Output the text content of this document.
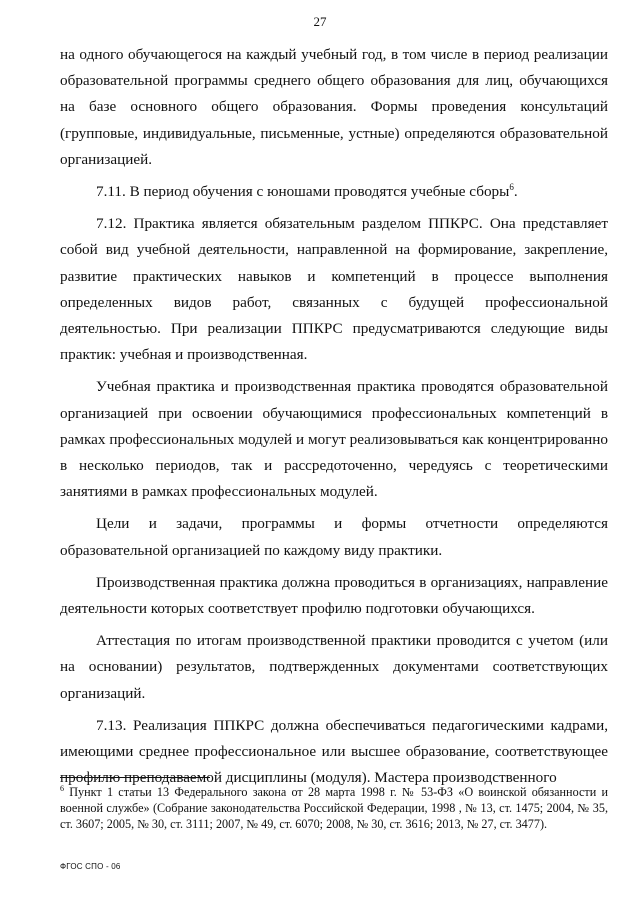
27

на одного обучающегося на каждый учебный год, в том числе в период реализации образовательной программы среднего общего образования для лиц, обучающихся на базе основного общего образования. Формы проведения консультаций (групповые, индивидуальные, письменные, устные) определяются образовательной организацией.

7.11. В период обучения с юношами проводятся учебные сборы$^6$.

7.12. Практика является обязательным разделом ППКРС. Она представляет собой вид учебной деятельности, направленной на формирование, закрепление, развитие практических навыков и компетенций в процессе выполнения определенных видов работ, связанных с будущей профессиональной деятельностью. При реализации ППКРС предусматриваются следующие виды практик: учебная и производственная.

Учебная практика и производственная практика проводятся образовательной организацией при освоении обучающимися профессиональных компетенций в рамках профессиональных модулей и могут реализовываться как концентрированно в несколько периодов, так и рассредоточенно, чередуясь с теоретическими занятиями в рамках профессиональных модулей.

Цели и задачи, программы и формы отчетности определяются образовательной организацией по каждому виду практики.

Производственная практика должна проводиться в организациях, направление деятельности которых соответствует профилю подготовки обучающихся.

Аттестация по итогам производственной практики проводится с учетом (или на основании) результатов, подтвержденных документами соответствующих организаций.

7.13. Реализация ППКРС должна обеспечиваться педагогическими кадрами, имеющими среднее профессиональное или высшее образование, соответствующее профилю преподаваемой дисциплины (модуля). Мастера производственного

$^6$ Пункт 1 статьи 13 Федерального закона от 28 марта 1998 г. № 53-ФЗ «О воинской обязанности и военной службе» (Собрание законодательства Российской Федерации, 1998 , № 13, ст. 1475; 2004, № 35, ст. 3607; 2005, № 30, ст. 3111; 2007, № 49, ст. 6070; 2008, № 30, ст. 3616; 2013, № 27, ст. 3477).
ФГОС СПО - 06
